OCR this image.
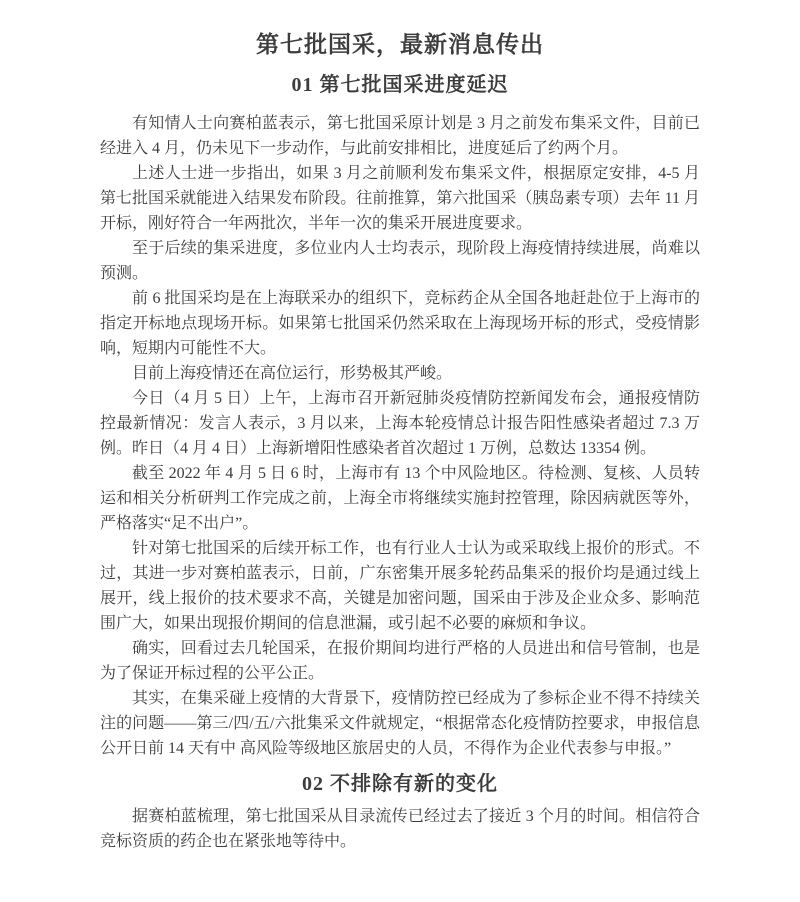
第七批国采，最新消息传出
01 第七批国采进度延迟

有知情人士向赛柏蓝表示，第七批国采原计划是 3 月之前发布集采文件，目前已经进入 4 月，仍未见下一步动作，与此前安排相比，进度延后了约两个月。

上述人士进一步指出，如果 3 月之前顺利发布集采文件，根据原定安排，4-5 月第七批国采就能进入结果发布阶段。往前推算，第六批国采（胰岛素专项）去年 11 月开标，刚好符合一年两批次，半年一次的集采开展进度要求。

至于后续的集采进度，多位业内人士均表示，现阶段上海疫情持续进展，尚难以预测。

前 6 批国采均是在上海联采办的组织下，竞标药企从全国各地赶赴位于上海市的指定开标地点现场开标。如果第七批国采仍然采取在上海现场开标的形式，受疫情影响，短期内可能性不大。

目前上海疫情还在高位运行，形势极其严峻。

今日（4 月 5 日）上午，上海市召开新冠肺炎疫情防控新闻发布会，通报疫情防控最新情况：发言人表示，3 月以来，上海本轮疫情总计报告阳性感染者超过 7.3 万例。昨日（4 月 4 日）上海新增阳性感染者首次超过 1 万例，总数达 13354 例。

截至 2022 年 4 月 5 日 6 时，上海市有 13 个中风险地区。待检测、复核、人员转运和相关分析研判工作完成之前，上海全市将继续实施封控管理，除因病就医等外，严格落实“足不出户”。

针对第七批国采的后续开标工作，也有行业人士认为或采取线上报价的形式。不过，其进一步对赛柏蓝表示，日前，广东密集开展多轮药品集采的报价均是通过线上展开，线上报价的技术要求不高，关键是加密问题，国采由于涉及企业众多、影响范围广大，如果出现报价期间的信息泄漏，或引起不必要的麻烦和争议。

确实，回看过去几轮国采，在报价期间均进行严格的人员进出和信号管制，也是为了保证开标过程的公平公正。

其实，在集采碰上疫情的大背景下，疫情防控已经成为了参标企业不得不持续关注的问题——第三/四/五/六批集采文件就规定，“根据常态化疫情防控要求，申报信息公开日前 14 天有中 高风险等级地区旅居史的人员，不得作为企业代表参与申报。”

02 不排除有新的变化

据赛柏蓝梳理，第七批国采从目录流传已经过去了接近 3 个月的时间。相信符合竞标资质的药企也在紧张地等待中。
